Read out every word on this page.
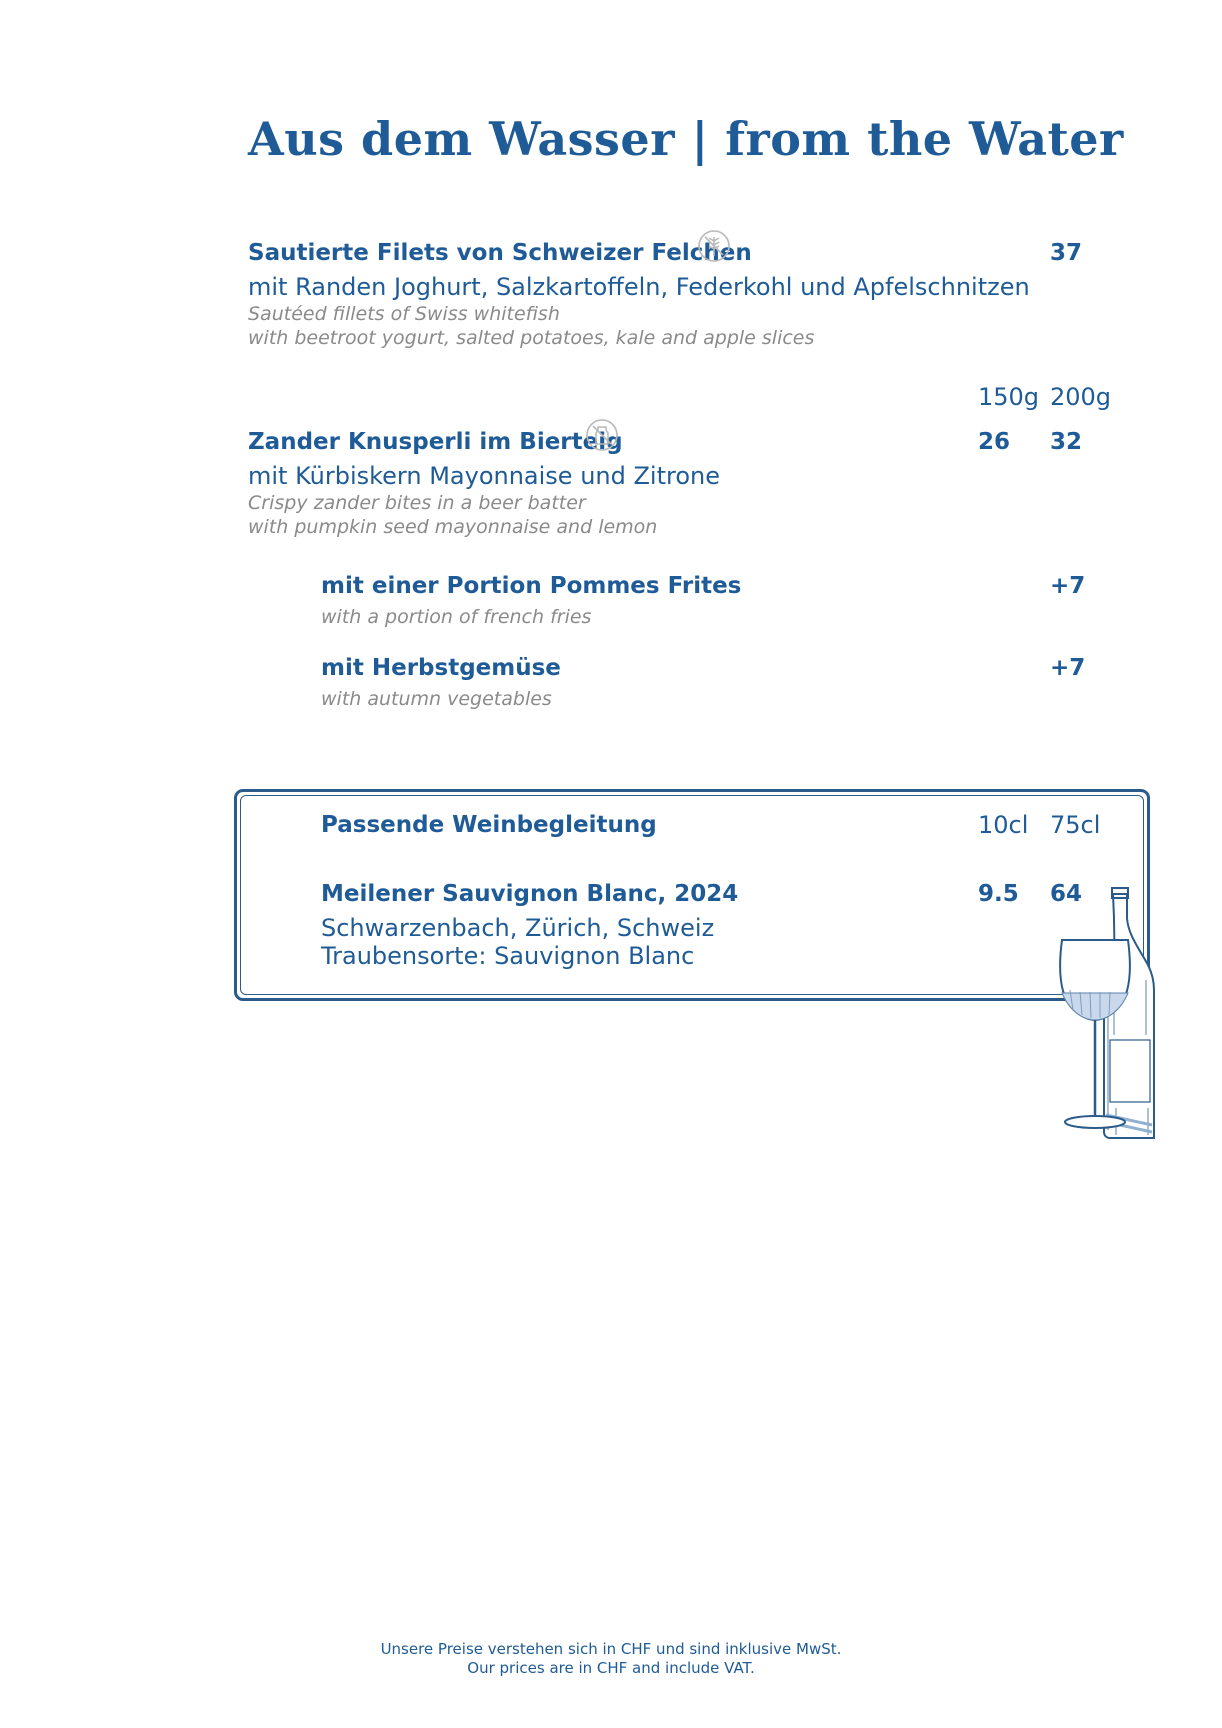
Aus dem Wasser | from the Water
Sautierte Filets von Schweizer Felchen	37
mit Randen Joghurt, Salzkartoffeln, Federkohl und Apfelschnitzen
Sautéed fillets of Swiss whitefish
with beetroot yogurt, salted potatoes, kale and apple slices
150g 200g
Zander Knusperli im Bierteig	26 32
mit Kürbiskern Mayonnaise und Zitrone
Crispy zander bites in a beer batter
with pumpkin seed mayonnaise and lemon
mit einer Portion Pommes Frites	+7
with a portion of french fries
mit Herbstgemüse	+7
with autumn vegetables
Passende Weinbegleitung	10cl 75cl
Meilener Sauvignon Blanc, 2024	9.5 64
Schwarzenbach, Zürich, Schweiz
Traubensorte: Sauvignon Blanc
Unsere Preise verstehen sich in CHF und sind inklusive MwSt.
Our prices are in CHF and include VAT.
